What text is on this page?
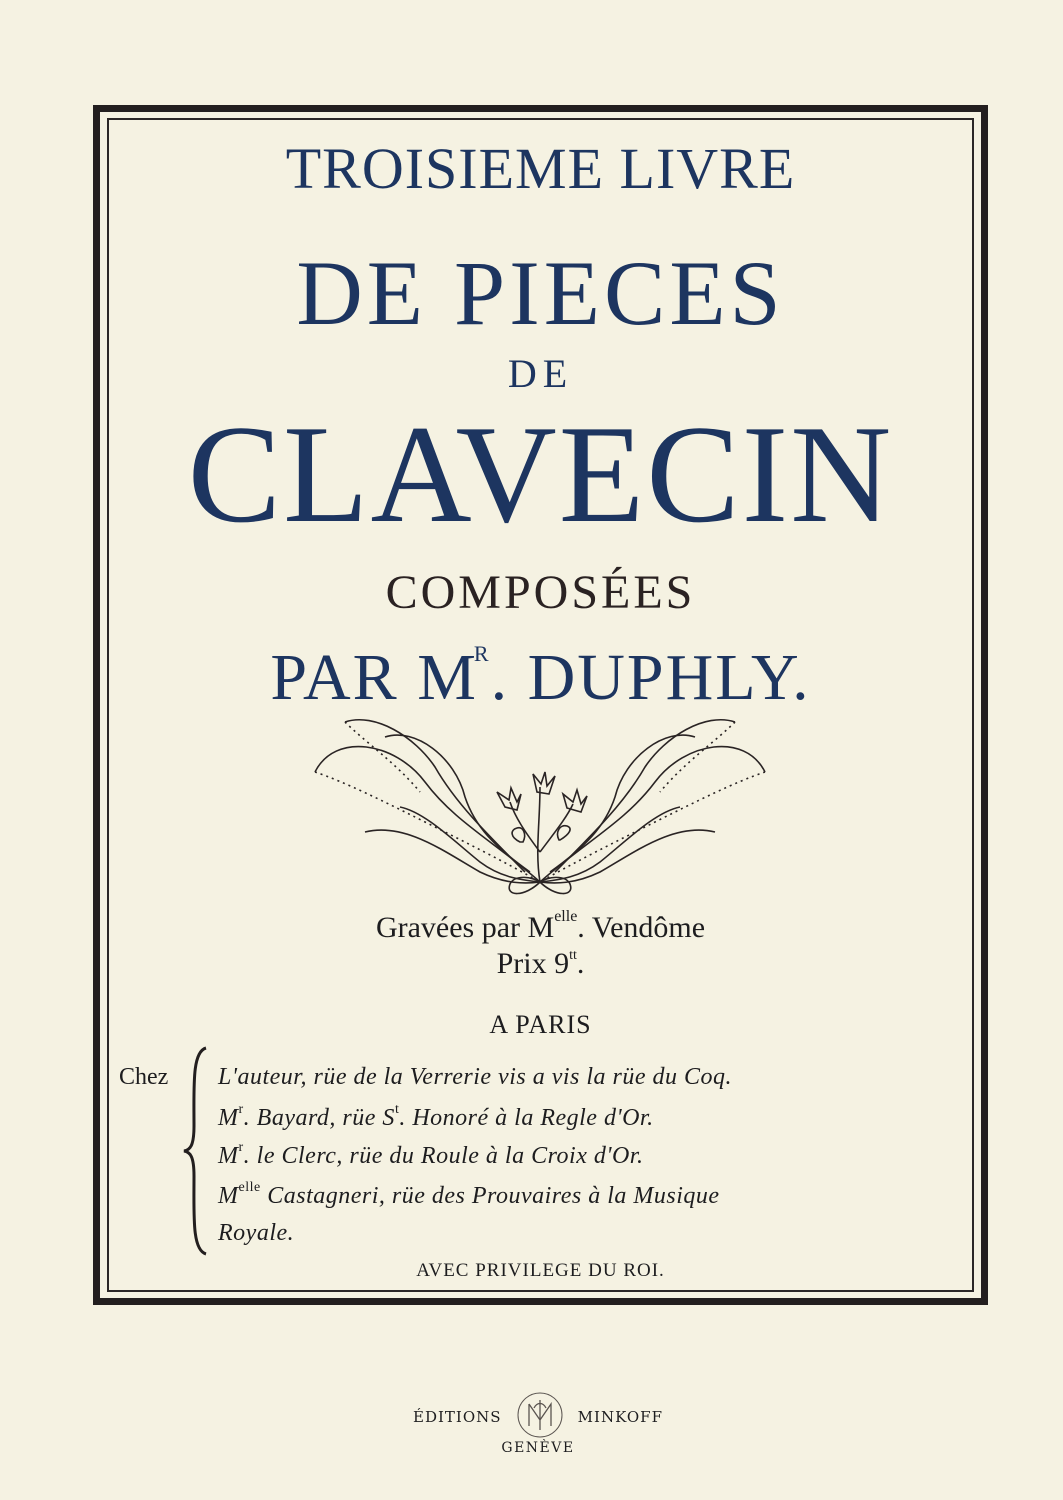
TROISIEME LIVRE
DE PIECES
DE
CLAVECIN
COMPOSÉES
PAR $M^R$. DUPHLY.
Gravées par $M^{elle}$. Vendôme
Prix $9^{tt}$.
A PARIS
Chez L'auteur, rüe de la Verrerie vis a vis la rüe du Coq.
$M^r$. Bayard, rüe $S^t$. Honoré à la Regle d'Or.
$M^r$. le Clerc, rüe du Roule à la Croix d'Or.
$M^{elle}$ Castagneri, rüe des Prouvaires à la Musique
Royale.
AVEC PRIVILEGE DU ROI.
ÉDITIONS	MINKOFF
GENÈVE
